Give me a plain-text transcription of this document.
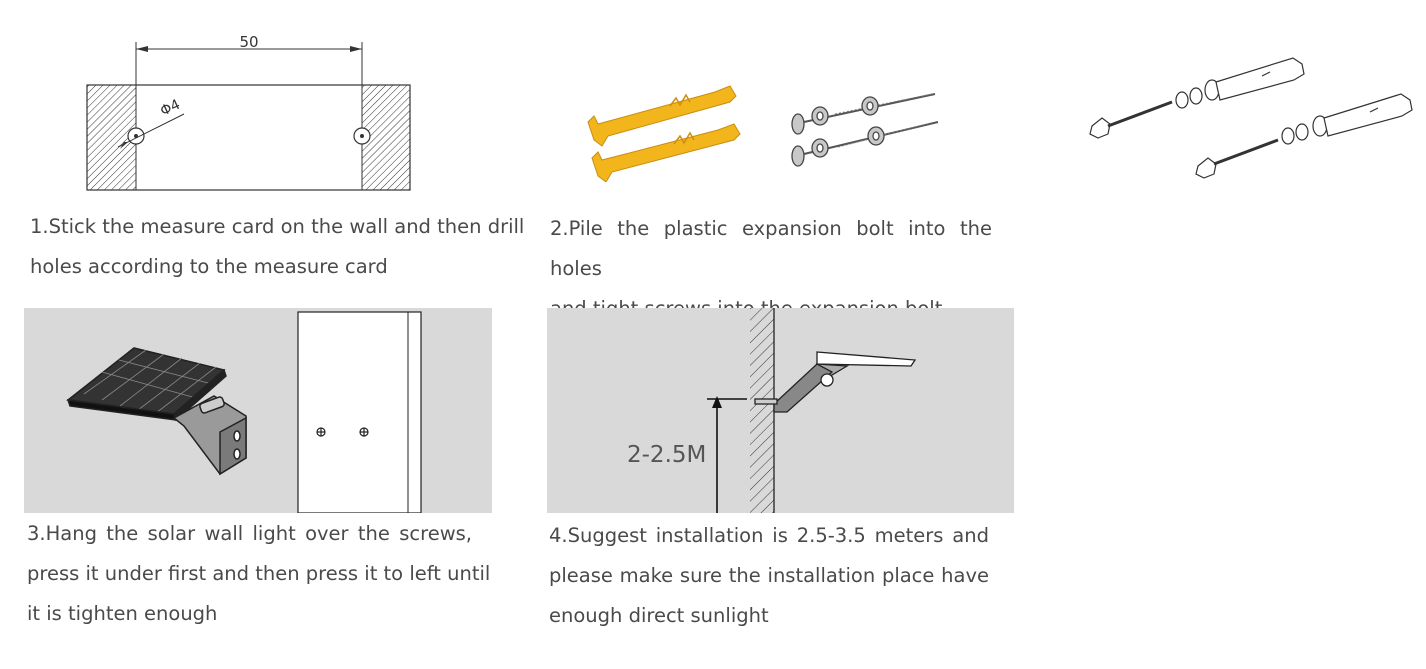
50
Φ4
1.Stick the measure card on the wall and then drill
holes according to the measure card
2.Pile the plastic expansion bolt into the holes
3.Hang the solar wall light over the screws,
press it under first and then press it to left until
it is tighten enough
2-2.5M
4.Suggest installation is 2.5-3.5 meters and
please make sure the installation place have
enough direct sunlight
